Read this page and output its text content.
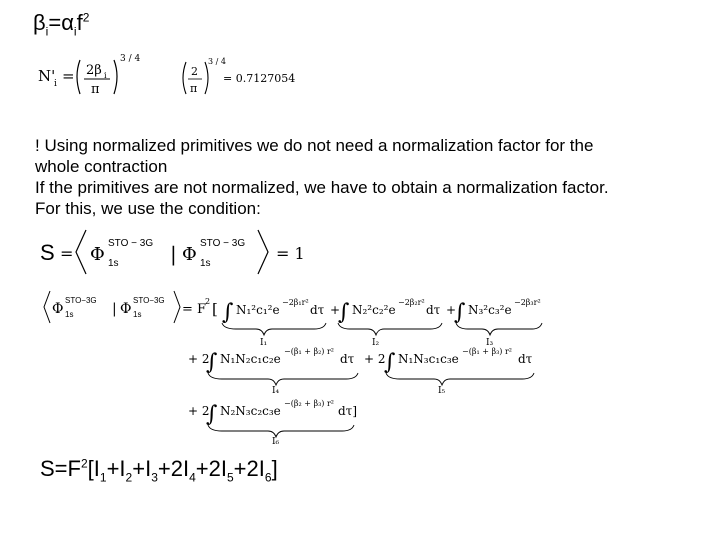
$\beta_i=\alpha_if^2$
N'
i = 2β i
π
3 / 4
2
π
3 / 4
= 0.7127054
! Using normalized primitives we do not need a normalization factor for the
whole contraction
If the primitives are not normalized, we have to obtain a normalization factor.
For this, we use the condition:
S = Φ
STO − 3G
1s	| Φ
STO − 3G
1s
= 1
Φ
STO−3G
1s	| Φ
STO−3G
1s	= F
2 [ ∫ N₁²c₁²e
−2β₁r²
dτ
I₁
+
∫ N₂²c₂²e
−2β₂r²
dτ
I₂
+
∫ N₃²c₃²e
−2β₃r²
I₃
+ 2
∫ N₁N₂c₁c₂e
−(β₁ + β₂) r²
dτ
I₄
+ 2
∫ N₁N₃c₁c₃e
−(β₁ + β₃) r²
dτ
I₅
+ 2
∫ N₂N₃c₂c₃e
−(β₂ + β₃) r²
dτ]
I₆
$S=F^2[I_1+I_2+I_3+2I_4+2I_5+2I_6]$
